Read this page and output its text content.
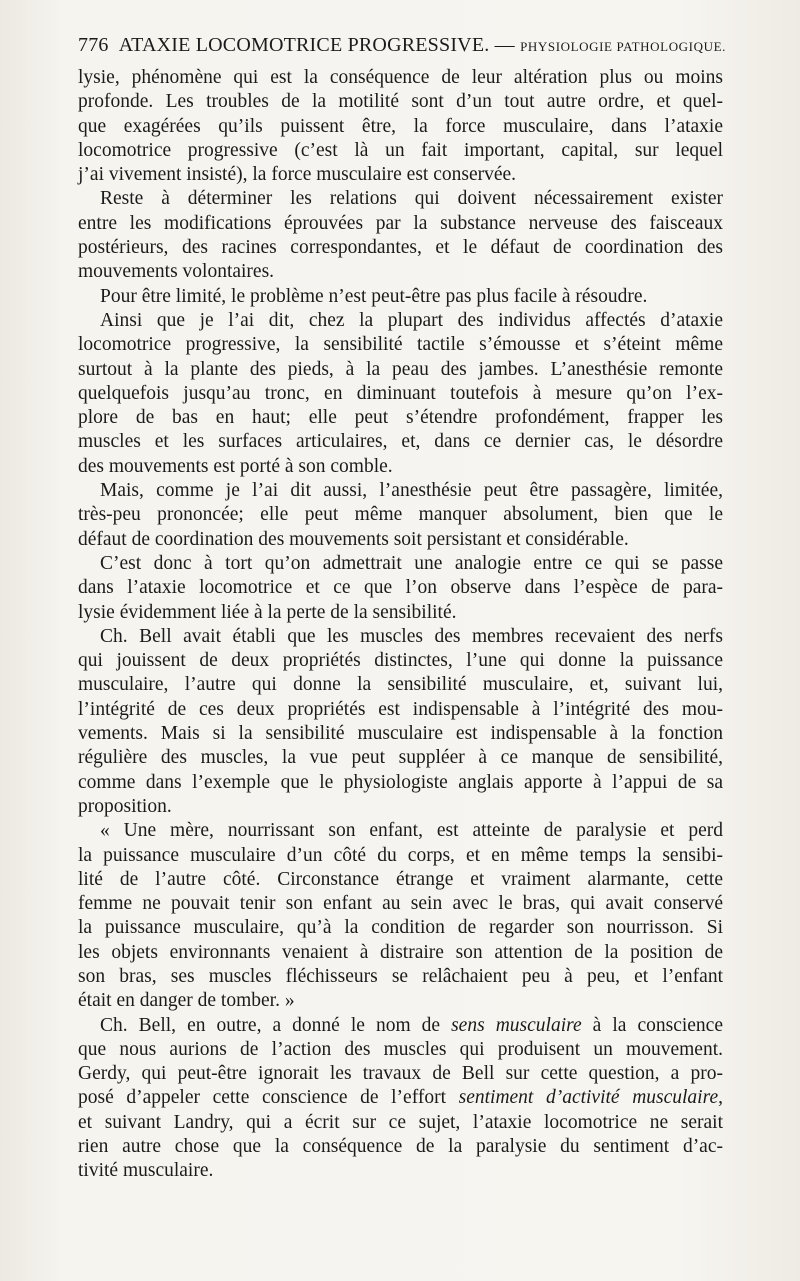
776 ATAXIE LOCOMOTRICE PROGRESSIVE. — PHYSIOLOGIE PATHOLOGIQUE.
lysie, phénomène qui est la conséquence de leur altération plus ou moins
profonde. Les troubles de la motilité sont d’un tout autre ordre, et quel-
que exagérées qu’ils puissent être, la force musculaire, dans l’ataxie
locomotrice progressive (c’est là un fait important, capital, sur lequel
j’ai vivement insisté), la force musculaire est conservée.
Reste à déterminer les relations qui doivent nécessairement exister
entre les modifications éprouvées par la substance nerveuse des faisceaux
postérieurs, des racines correspondantes, et le défaut de coordination des
mouvements volontaires.
Pour être limité, le problème n’est peut-être pas plus facile à résoudre.
Ainsi que je l’ai dit, chez la plupart des individus affectés d’ataxie
locomotrice progressive, la sensibilité tactile s’émousse et s’éteint même
surtout à la plante des pieds, à la peau des jambes. L’anesthésie remonte
quelquefois jusqu’au tronc, en diminuant toutefois à mesure qu’on l’ex-
plore de bas en haut; elle peut s’étendre profondément, frapper les
muscles et les surfaces articulaires, et, dans ce dernier cas, le désordre
des mouvements est porté à son comble.
Mais, comme je l’ai dit aussi, l’anesthésie peut être passagère, limitée,
très-peu prononcée; elle peut même manquer absolument, bien que le
défaut de coordination des mouvements soit persistant et considérable.
C’est donc à tort qu’on admettrait une analogie entre ce qui se passe
dans l’ataxie locomotrice et ce que l’on observe dans l’espèce de para-
lysie évidemment liée à la perte de la sensibilité.
Ch. Bell avait établi que les muscles des membres recevaient des nerfs
qui jouissent de deux propriétés distinctes, l’une qui donne la puissance
musculaire, l’autre qui donne la sensibilité musculaire, et, suivant lui,
l’intégrité de ces deux propriétés est indispensable à l’intégrité des mou-
vements. Mais si la sensibilité musculaire est indispensable à la fonction
régulière des muscles, la vue peut suppléer à ce manque de sensibilité,
comme dans l’exemple que le physiologiste anglais apporte à l’appui de sa
proposition.
« Une mère, nourrissant son enfant, est atteinte de paralysie et perd
la puissance musculaire d’un côté du corps, et en même temps la sensibi-
lité de l’autre côté. Circonstance étrange et vraiment alarmante, cette
femme ne pouvait tenir son enfant au sein avec le bras, qui avait conservé
la puissance musculaire, qu’à la condition de regarder son nourrisson. Si
les objets environnants venaient à distraire son attention de la position de
son bras, ses muscles fléchisseurs se relâchaient peu à peu, et l’enfant
était en danger de tomber. »
Ch. Bell, en outre, a donné le nom de sens musculaire à la conscience
que nous aurions de l’action des muscles qui produisent un mouvement.
Gerdy, qui peut-être ignorait les travaux de Bell sur cette question, a pro-
posé d’appeler cette conscience de l’effort sentiment d’activité musculaire,
et suivant Landry, qui a écrit sur ce sujet, l’ataxie locomotrice ne serait
rien autre chose que la conséquence de la paralysie du sentiment d’ac-
tivité musculaire.
